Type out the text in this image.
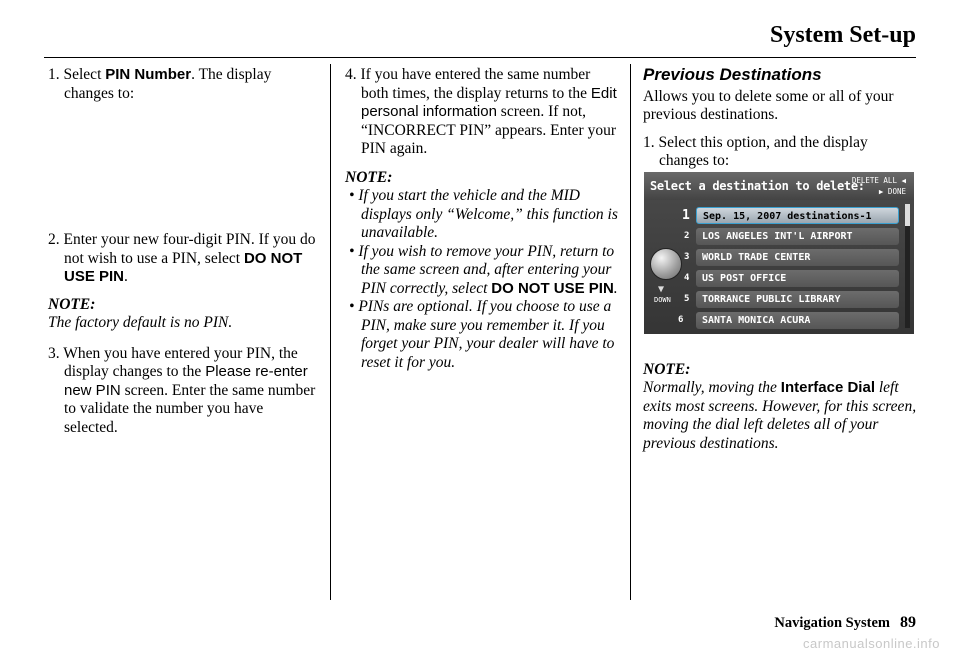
System Set-up

1. Select PIN Number. The display changes to:

2. Enter your new four-digit PIN. If you do not wish to use a PIN, select DO NOT USE PIN.

NOTE:

The factory default is no PIN.

3. When you have entered your PIN, the display changes to the Please re-enter new PIN screen. Enter the same number to validate the number you have selected.

4. If you have entered the same number both times, the display returns to the Edit personal information screen. If not, “INCORRECT PIN” appears. Enter your PIN again.

NOTE:

• If you start the vehicle and the MID displays only “Welcome,” this function is unavailable.

• If you wish to remove your PIN, return to the same screen and, after entering your PIN correctly, select DO NOT USE PIN.

• PINs are optional. If you choose to use a PIN, make sure you remember it. If you forget your PIN, your dealer will have to reset it for you.

Previous Destinations

Allows you to delete some or all of your previous destinations.

1. Select this option, and the display changes to:

NOTE:

Normally, moving the Interface Dial left exits most screens. However, for this screen, moving the dial left deletes all of your previous destinations.

Select a destination to delete:
DELETE ALL ◀
▶ DONE
▼
DOWN
1	Sep. 15, 2007 destinations-1
2	LOS ANGELES INT'L AIRPORT
3	WORLD TRADE CENTER
4	US POST OFFICE
5	TORRANCE PUBLIC LIBRARY
6	SANTA MONICA ACURA
Navigation System 89
carmanualsonline.info
